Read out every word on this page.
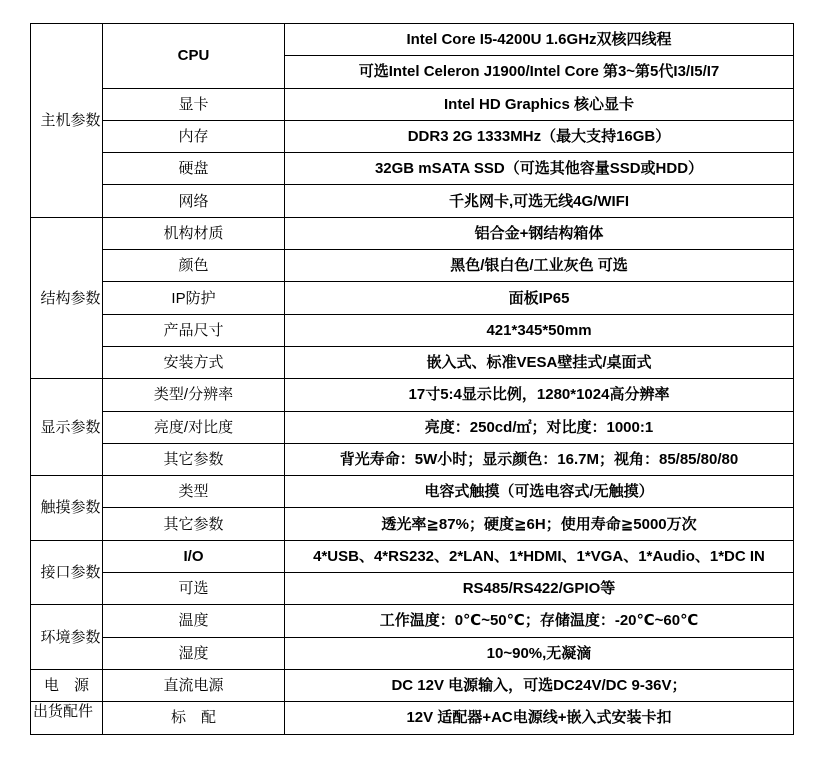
主机参数	CPU	Intel Core I5-4200U 1.6GHz双核四线程
		可选Intel Celeron J1900/Intel Core 第3~第5代I3/I5/I7
	显卡	Intel HD Graphics 核心显卡
	内存	DDR3 2G 1333MHz（最大支持16GB）
	硬盘	32GB mSATA SSD（可选其他容量SSD或HDD）
	网络	千兆网卡,可选无线4G/WIFI
结构参数	机构材质	铝合金+钢结构箱体
	颜色	黑色/银白色/工业灰色 可选
	IP防护	面板IP65
	产品尺寸	421*345*50mm
	安装方式	嵌入式、标准VESA壁挂式/桌面式
显示参数	类型/分辨率	17寸5:4显示比例，1280*1024高分辨率
	亮度/对比度	亮度：250cd/㎡；对比度：1000:1
	其它参数	背光寿命：5W小时；显示颜色：16.7M；视角：85/85/80/80
触摸参数	类型	电容式触摸（可选电容式/无触摸）
	其它参数	透光率≧87%；硬度≧6H；使用寿命≧5000万次
接口参数	I/O	4*USB、4*RS232、2*LAN、1*HDMI、1*VGA、1*Audio、1*DC IN
	可选	RS485/RS422/GPIO等
环境参数	温度	工作温度：0℃~50℃；存储温度：-20℃~60℃
	湿度	10~90%,无凝滴
电　源	直流电源	DC 12V 电源输入，可选DC24V/DC 9-36V；

出货配件	标　配	12V 适配器+AC电源线+嵌入式安装卡扣
